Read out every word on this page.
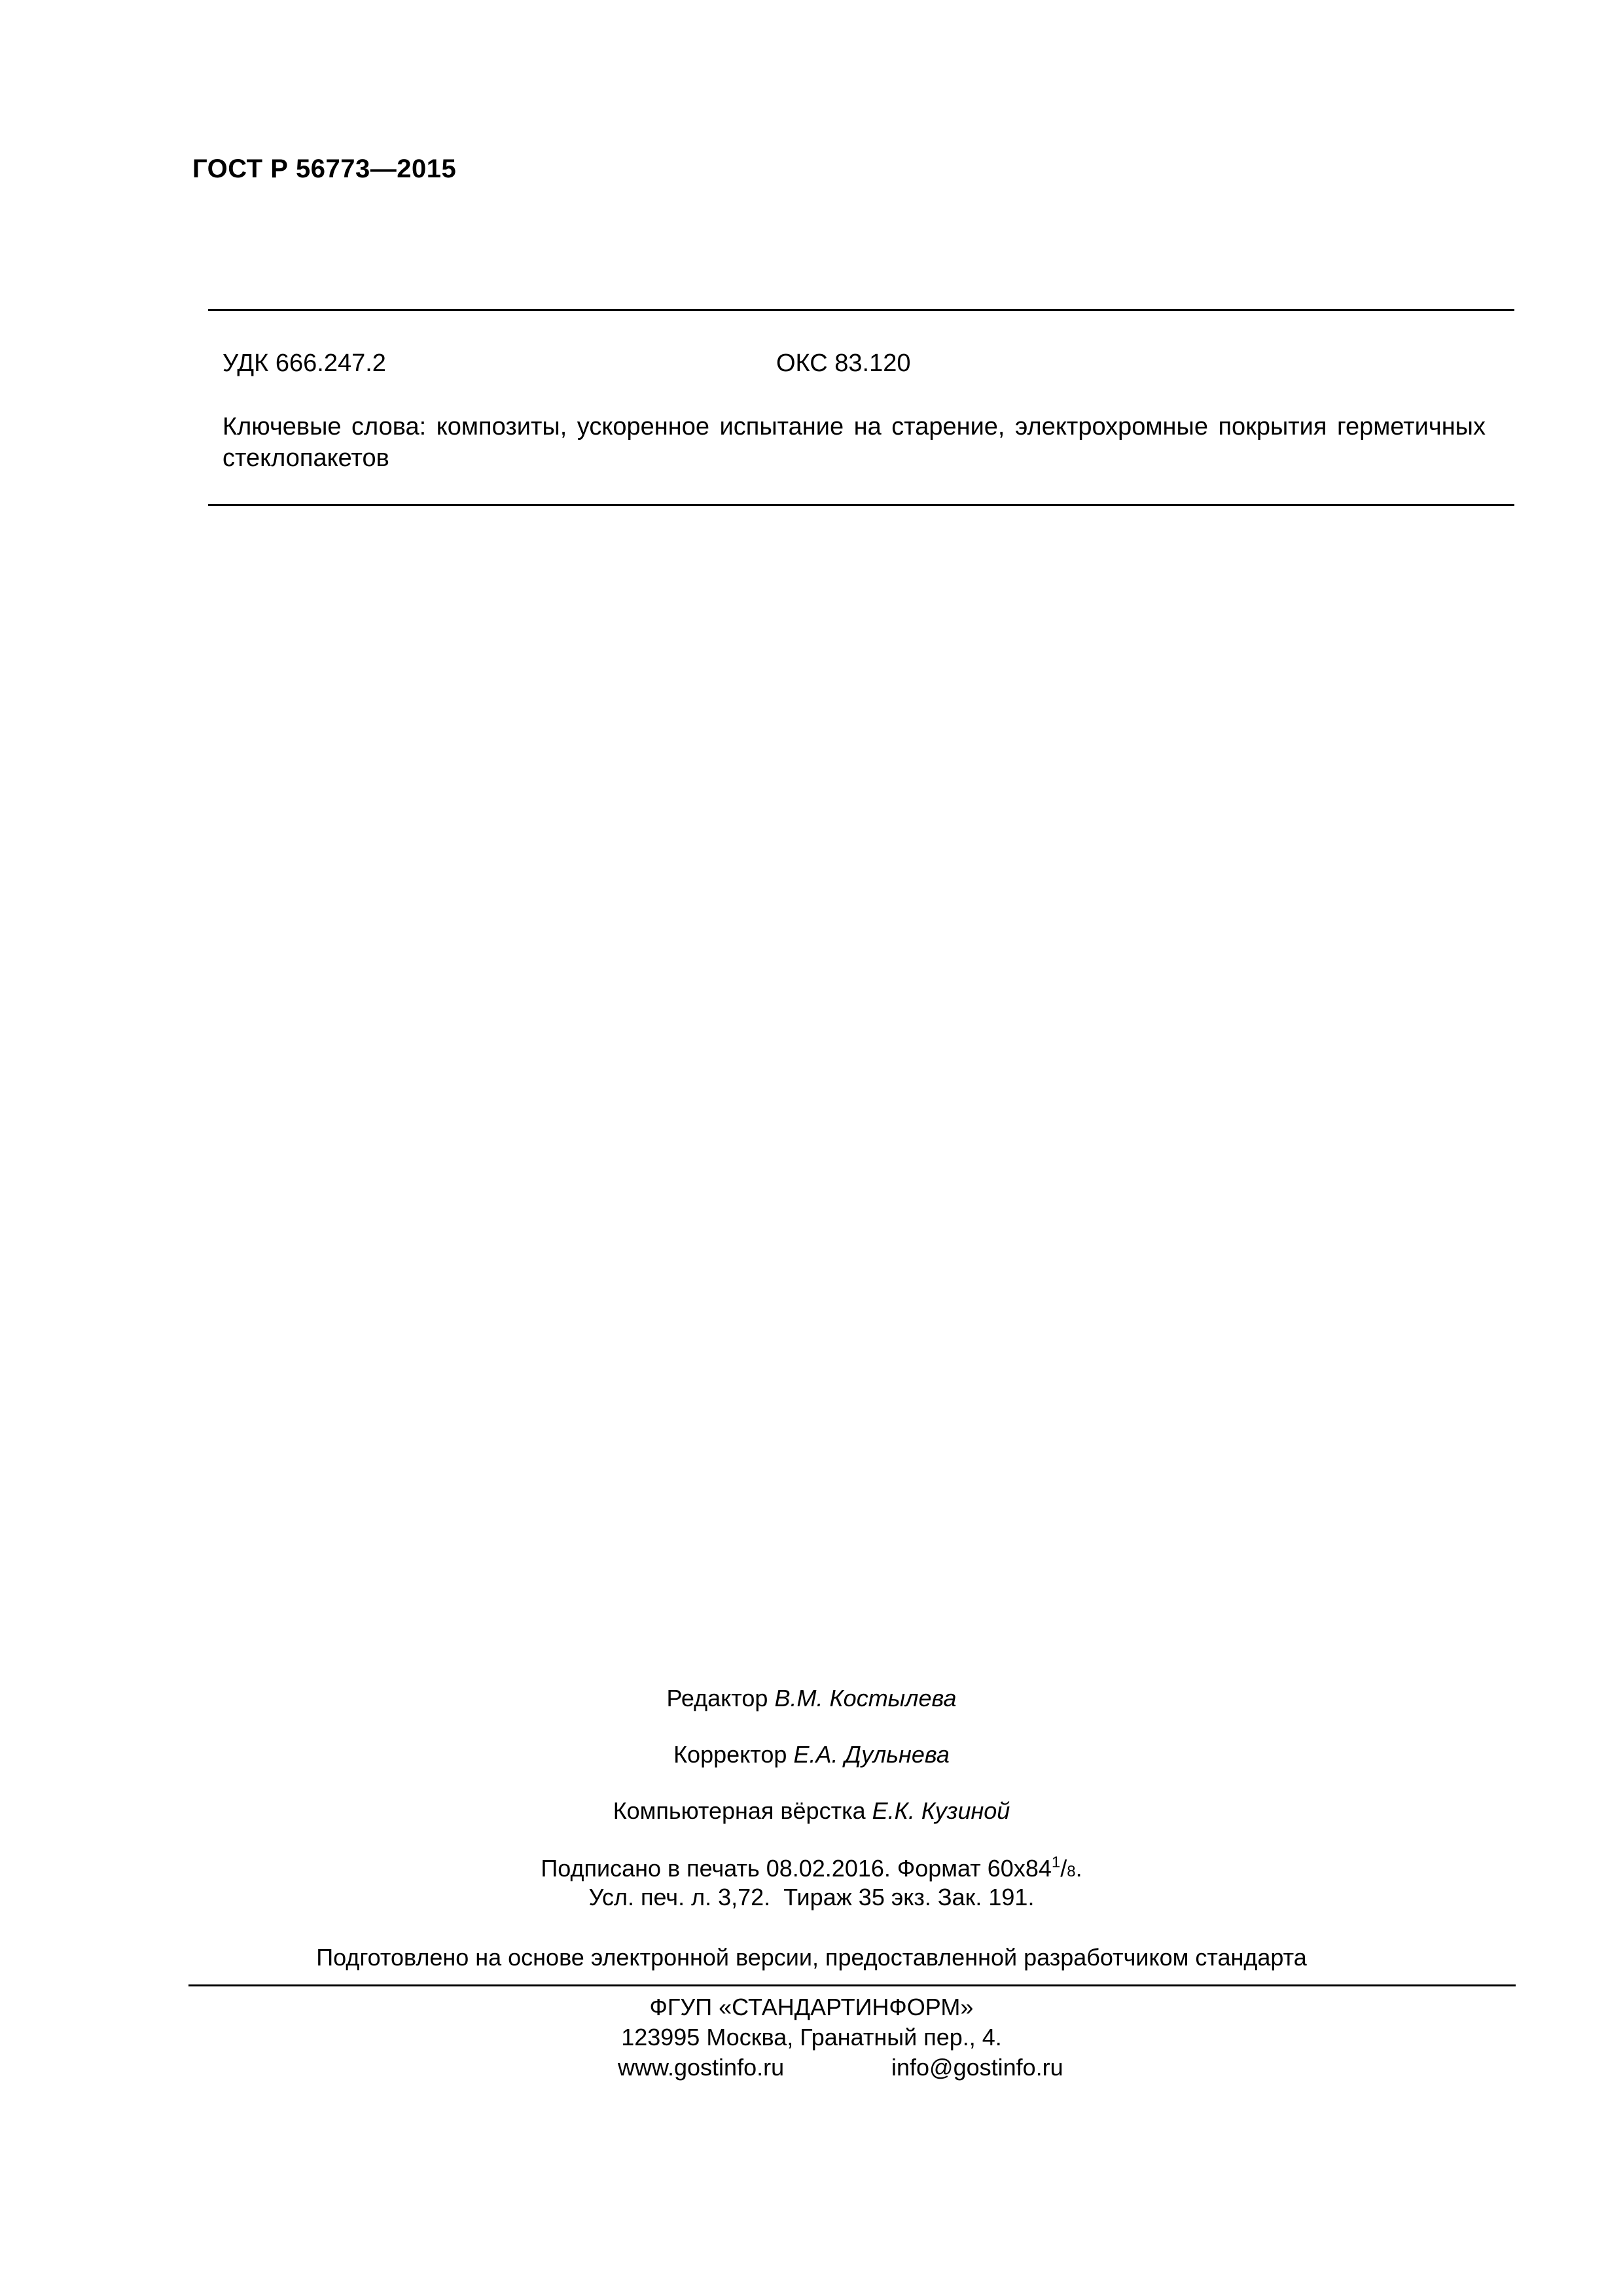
ГОСТ Р 56773—2015
УДК 666.247.2	ОКС 83.120
Ключевые слова: композиты, ускоренное испытание на старение, электрохромные покрытия герметичных стеклопакетов
Редактор В.М. Костылева
Корректор Е.А. Дульнева
Компьютерная вёрстка Е.К. Кузиной
Подписано в печать 08.02.2016. Формат $60x84^1/8$.
Усл. печ. л. 3,72.  Тираж 35 экз. Зак. 191.
Подготовлено на основе электронной версии, предоставленной разработчиком стандарта
ФГУП «СТАНДАРТИНФОРМ»
123995 Москва, Гранатный пер., 4.
www.gostinfo.ru	info@gostinfo.ru
